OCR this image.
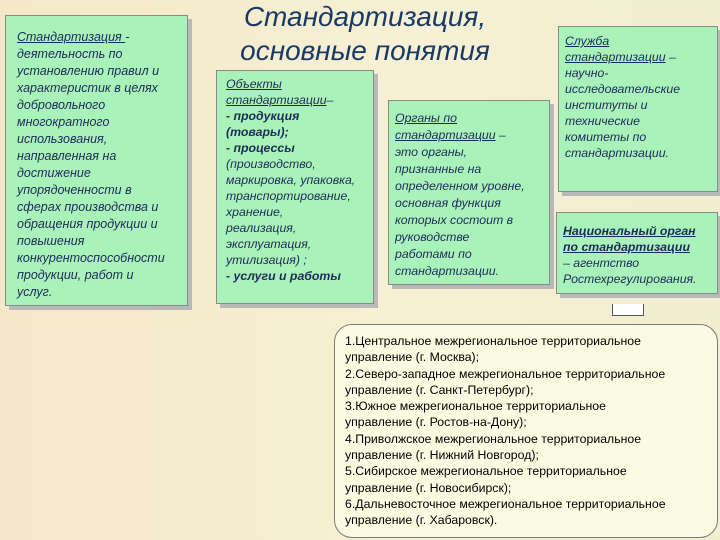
Стандартизация,
основные понятия
Стандартизация -
деятельность по
установлению правил и
характеристик в целях
добровольного
многократного
использования,
направленная на
достижение
упорядоченности в
сферах производства и
обращения продукции и
повышения
конкурентоспособности
продукции, работ и
услуг.
Объекты
стандартизации–
- продукция
(товары);
- процессы
(производство,
маркировка, упаковка,
транспортирование,
хранение,
реализация,
эксплуатация,
утилизация) ;
- услуги и работы
Органы по
стандартизации –
это органы,
признанные на
определенном уровне,
основная функция
которых состоит в
руководстве
работами по
стандартизации.
Служба
стандартизации –
научно-
исследовательские
институты и
технические
комитеты по
стандартизации.
Национальный орган
по стандартизации
– агентство
Ростехрегулирования.
1.Центральное межрегиональное территориальное
управление (г. Москва);
2.Северо-западное межрегиональное территориальное
управление (г. Санкт-Петербург);
3.Южное межрегиональное территориальное
управление (г. Ростов-на-Дону);
4.Приволжское межрегиональное территориальное
управление (г. Нижний Новгород);
5.Сибирское межрегиональное территориальное
управление (г. Новосибирск);
6.Дальневосточное межрегиональное территориальное
управление (г. Хабаровск).
